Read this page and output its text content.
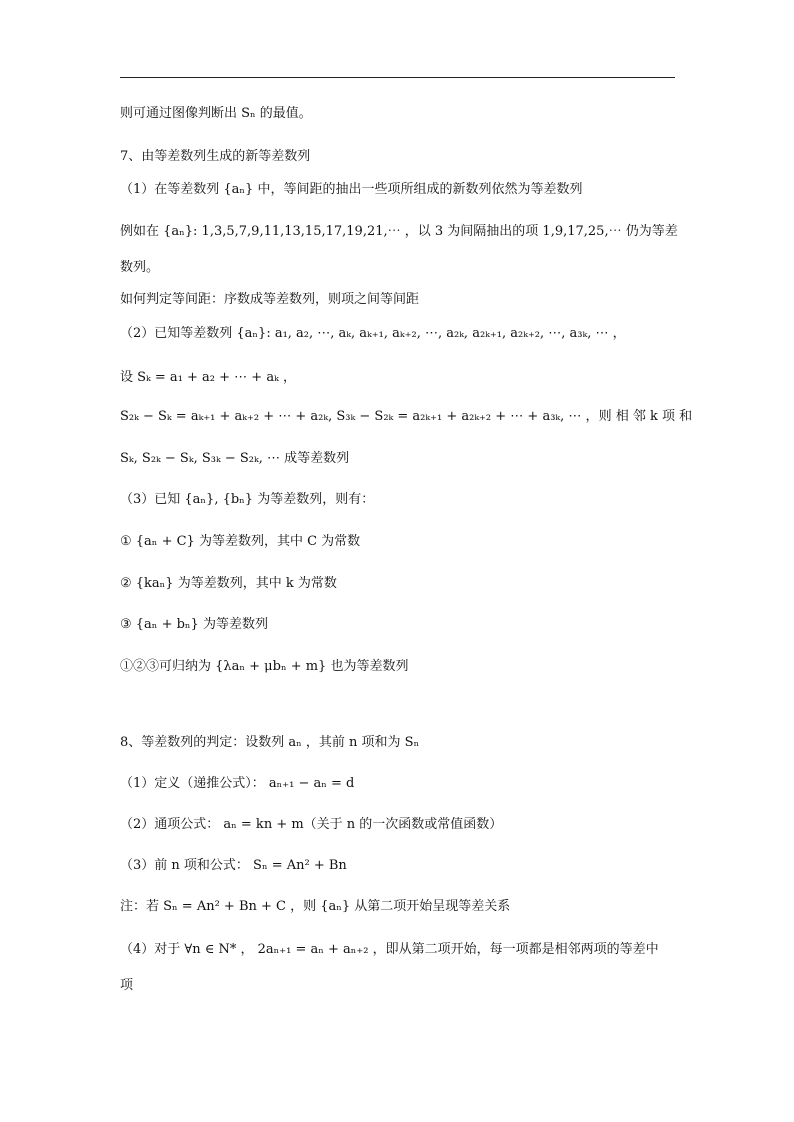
则可通过图像判断出 Sₙ 的最值。
7、由等差数列生成的新等差数列
（1）在等差数列 {aₙ} 中，等间距的抽出一些项所组成的新数列依然为等差数列
例如在 {aₙ}: 1,3,5,7,9,11,13,15,17,19,21,⋯ ，以 3 为间隔抽出的项 1,9,17,25,⋯ 仍为等差
数列。
如何判定等间距：序数成等差数列，则项之间等间距
（2）已知等差数列 {aₙ}: a₁, a₂, ⋯, aₖ, aₖ₊₁, aₖ₊₂, ⋯, a₂ₖ, a₂ₖ₊₁, a₂ₖ₊₂, ⋯, a₃ₖ, ⋯ ，
设 Sₖ = a₁ + a₂ + ⋯ + aₖ ，
S₂ₖ − Sₖ = aₖ₊₁ + aₖ₊₂ + ⋯ + a₂ₖ, S₃ₖ − S₂ₖ = a₂ₖ₊₁ + a₂ₖ₊₂ + ⋯ + a₃ₖ, ⋯ ， 则 相 邻 k 项 和
Sₖ, S₂ₖ − Sₖ, S₃ₖ − S₂ₖ, ⋯ 成等差数列
（3）已知 {aₙ}, {bₙ} 为等差数列，则有：
① {aₙ + C} 为等差数列，其中 C 为常数
② {kaₙ} 为等差数列，其中 k 为常数
③ {aₙ + bₙ} 为等差数列
①②③可归纳为 {λaₙ + μbₙ + m} 也为等差数列
8、等差数列的判定：设数列 aₙ ，其前 n 项和为 Sₙ
（1）定义（递推公式）： aₙ₊₁ − aₙ = d
（2）通项公式： aₙ = kn + m（关于 n 的一次函数或常值函数）
（3）前 n 项和公式： Sₙ = An² + Bn
注：若 Sₙ = An² + Bn + C ，则 {aₙ} 从第二项开始呈现等差关系
（4）对于 ∀n ∈ N* ， 2aₙ₊₁ = aₙ + aₙ₊₂ ，即从第二项开始，每一项都是相邻两项的等差中
项
